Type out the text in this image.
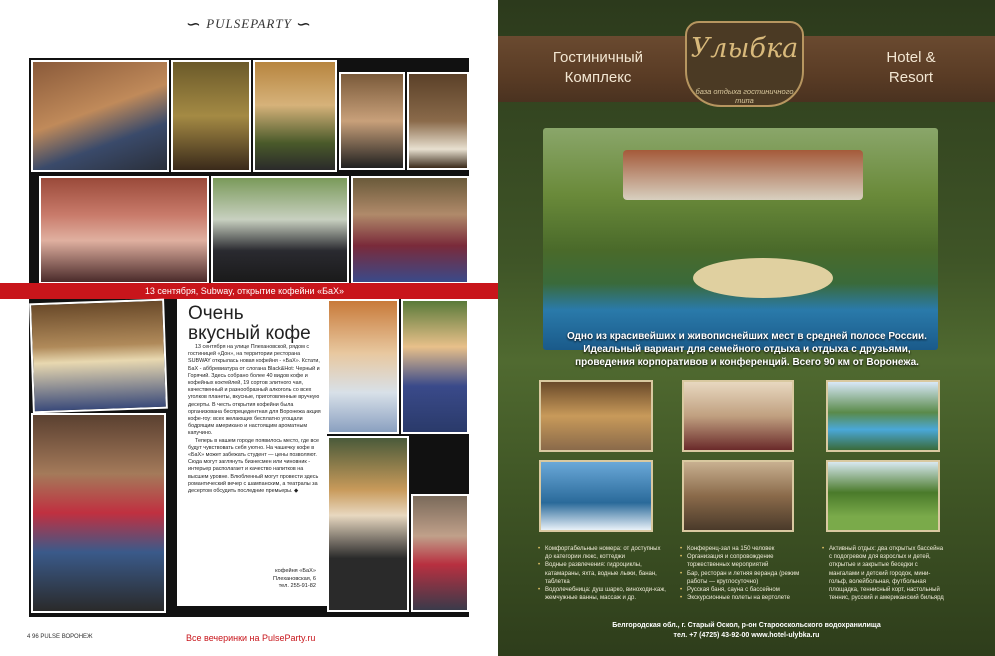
∽ PULSEPARTY ∽
13 сентября, Subway, открытие кофейни «БаХ»
Очень
вкусный кофе

13 сентября на улице Плехановской, рядом с гостиницей «Дон», на территории ресторана SUBWAY открылась новая кофейня - «БаХ». Кстати, БаХ - аббревиатура от слогана Black&Hot: Черный и Горячий. Здесь собрано более 40 видов кофе и кофейных коктейлей, 19 сортов элитного чая, качественный и разнообразный алкоголь со всех уголков планеты, вкусные, приготовленные вручную десерты. В честь открытия кофейни была организована беспрецедентная для Воронежа акция кофе-гоу: всех желающих бесплатно угощали бодрящим американо и настоящим ароматным капучино.

Теперь в нашем городе появилось место, где все будут чувствовать себя уютно. На чашечку кофе в «БаХ» может забежать студент — цены позволяют. Сюда могут заглянуть бизнесмен или чиновник - интерьер располагает и качество напитков на высшем уровне. Влюбленный могут провести здесь романтический вечер с шампанским, а театралы за десертом обсудить последние премьеры. ◆

кофейня «БаХ»
Плехановская, 6
тел. 255-91-82
4 96 PULSE ВОРОНЕЖ	Все вечеринки на PulseParty.ru
Гостиничный
Комплекс
Hotel &
Resort
Улыбка
база отдыха гостиничного типа
Одно из красивейших и живописнейших мест в средней полосе России.
Идеальный вариант для семейного отдыха и отдыха с друзьями,
проведения корпоративов и конференций. Всего 90 км от Воронежа.
• Комфортабельные номера: от доступных до категории люкс, коттеджи
• Водные развлечения: гидроциклы, катамараны, яхта, водные лыжи, банан, таблетка
• Водолечебница: душ шарко, виноходи-каж, жемчужные ванны, массаж и др.
• Конференц-зал на 150 человек
• Организация и сопровождение торжественных мероприятий
• Бар, ресторан и летняя веранда (режим работы — круглосуточно)
• Русская баня, сауна с бассейном
• Экскурсионные полеты на вертолете
• Активный отдых: два открытых бассейна с подогревом для взрослых и детей, открытые и закрытые беседки с мангалами и детский городок, мини-гольф, волейбольная, футбольная площадка, теннисный корт, настольный теннис, русский и американский бильярд
Белгородская обл., г. Старый Оскол, р-он Старооскольского водохранилища
тел. +7 (4725) 43-92-00 www.hotel-ulybka.ru
